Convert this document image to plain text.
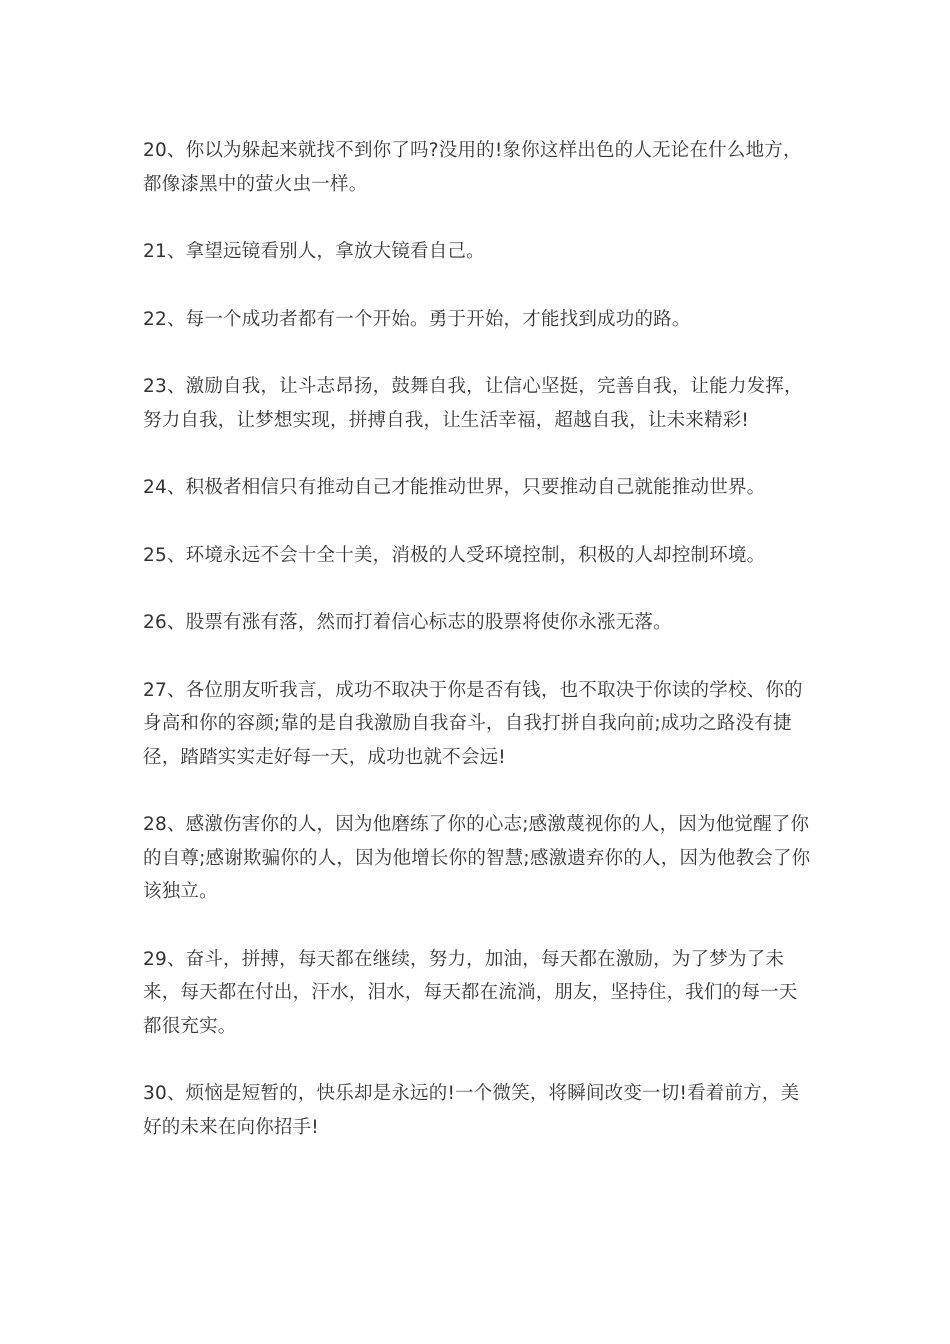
20、你以为躲起来就找不到你了吗?没用的!象你这样出色的人无论在什么地方，都像漆黑中的萤火虫一样。

21、拿望远镜看别人，拿放大镜看自己。

22、每一个成功者都有一个开始。勇于开始，才能找到成功的路。

23、激励自我，让斗志昂扬，鼓舞自我，让信心坚挺，完善自我，让能力发挥，努力自我，让梦想实现，拼搏自我，让生活幸福，超越自我，让未来精彩!

24、积极者相信只有推动自己才能推动世界，只要推动自己就能推动世界。

25、环境永远不会十全十美，消极的人受环境控制，积极的人却控制环境。

26、股票有涨有落，然而打着信心标志的股票将使你永涨无落。

27、各位朋友听我言，成功不取决于你是否有钱，也不取决于你读的学校、你的身高和你的容颜;靠的是自我激励自我奋斗，自我打拼自我向前;成功之路没有捷径，踏踏实实走好每一天，成功也就不会远!

28、感激伤害你的人，因为他磨练了你的心志;感激蔑视你的人，因为他觉醒了你的自尊;感谢欺骗你的人，因为他增长你的智慧;感激遗弃你的人，因为他教会了你该独立。

29、奋斗，拼搏，每天都在继续，努力，加油，每天都在激励，为了梦为了未来，每天都在付出，汗水，泪水，每天都在流淌，朋友，坚持住，我们的每一天都很充实。

30、烦恼是短暂的，快乐却是永远的!一个微笑，将瞬间改变一切!看着前方，美好的未来在向你招手!
